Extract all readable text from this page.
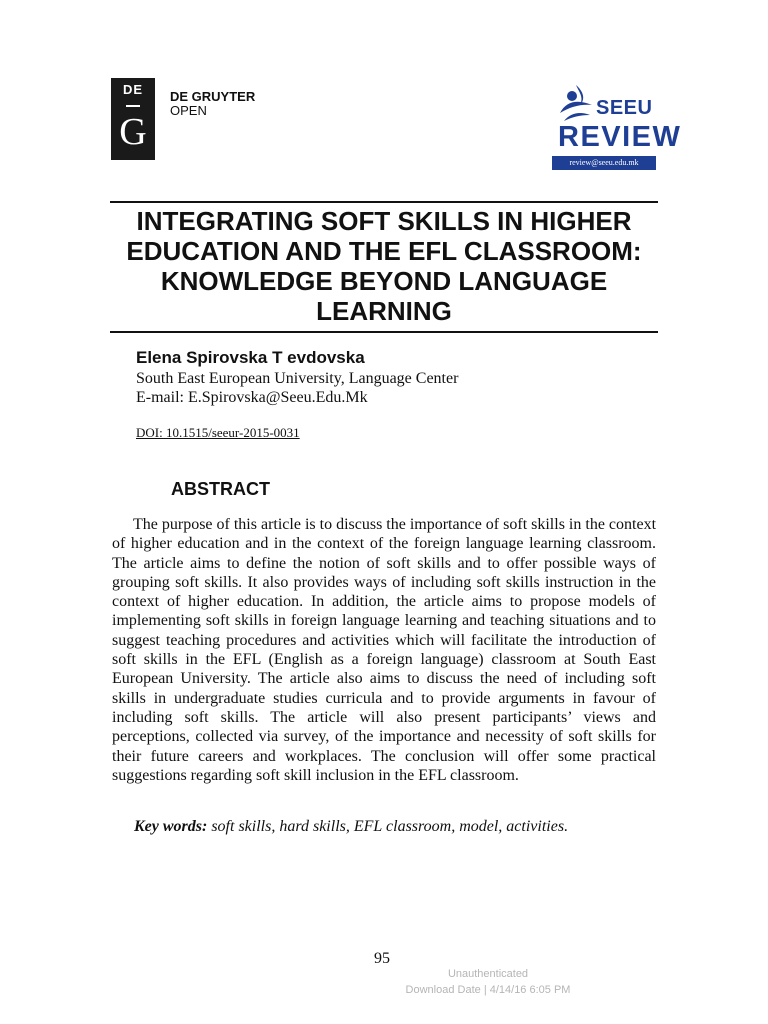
DE
G
DE GRUYTER
OPEN	SEEU
REVIEW
review@seeu.edu.mk
INTEGRATING SOFT SKILLS IN HIGHER EDUCATION AND THE EFL CLASSROOM: KNOWLEDGE BEYOND LANGUAGE LEARNING
Elena Spirovska T evdovska
South East European University, Language Center
E-mail: E.Spirovska@Seeu.Edu.Mk
DOI: 10.1515/seeur-2015-0031
ABSTRACT

The purpose of this article is to discuss the importance of soft skills in the context of higher education and in the context of the foreign language learning classroom. The article aims to define the notion of soft skills and to offer possible ways of grouping soft skills. It also provides ways of including soft skills instruction in the context of higher education. In addition, the article aims to propose models of implementing soft skills in foreign language learning and teaching situations and to suggest teaching procedures and activities which will facilitate the introduction of soft skills in the EFL (English as a foreign language) classroom at South East European University. The article also aims to discuss the need of including soft skills in undergraduate studies curricula and to provide arguments in favour of including soft skills. The article will also present participants’ views and perceptions, collected via survey, of the importance and necessity of soft skills for their future careers and workplaces. The conclusion will offer some practical suggestions regarding soft skill inclusion in the EFL classroom.

Key words: soft skills, hard skills, EFL classroom, model, activities.
95
Unauthenticated
Download Date | 4/14/16 6:05 PM
